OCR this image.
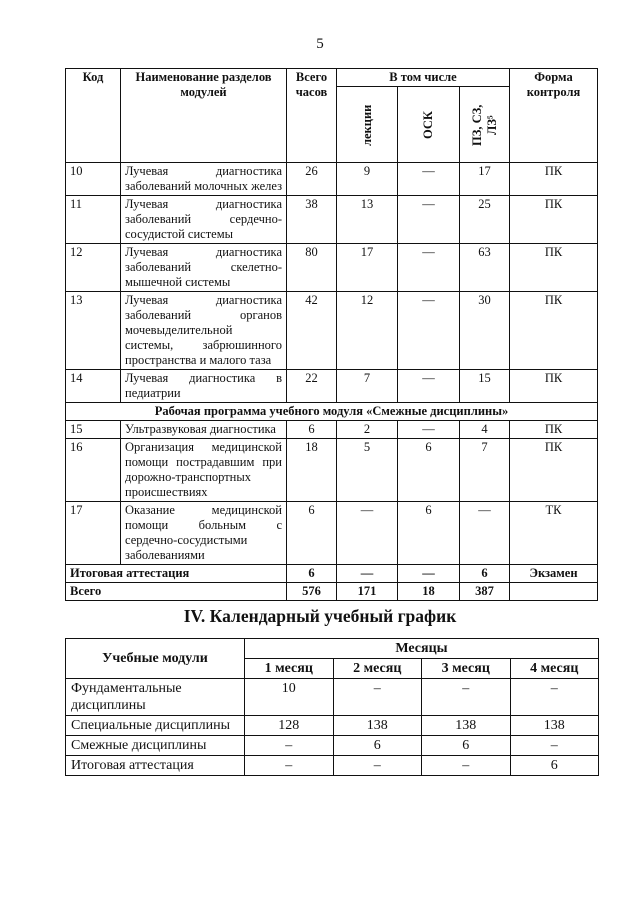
5
Код	Наименование разделов модулей	Всего часов	В том числе			Форма контроля

			лекции	ОСК	ПЗ, СЗ, ЛЗ⁵	

10	Лучевая диагностика заболеваний молочных желез	26	9	—	17	ПК
11	Лучевая диагностика заболеваний сердечно-сосудистой системы	38	13	—	25	ПК
12	Лучевая диагностика заболеваний скелетно-мышечной системы	80	17	—	63	ПК
13	Лучевая диагностика заболеваний органов мочевыделительной системы, забрюшинного пространства и малого таза	42	12	—	30	ПК
14	Лучевая диагностика в педиатрии	22	7	—	15	ПК
Рабочая программа учебного модуля «Смежные дисциплины»						
15	Ультразвуковая диагностика	6	2	—	4	ПК
16	Организация медицинской помощи пострадавшим при дорожно-транспортных происшествиях	18	5	6	7	ПК
17	Оказание медицинской помощи больным с сердечно-сосудистыми заболеваниями	6	—	6	—	ТК
Итоговая аттестация		6	—	—	6	Экзамен
Всего		576	171	18	387	
IV. Календарный учебный график
Учебные модули	Месяцы			
	1 месяц	2 месяц	3 месяц	4 месяц
Фундаментальные дисциплины	10	–	–	–
Специальные дисциплины	128	138	138	138
Смежные дисциплины	–	6	6	–
Итоговая аттестация	–	–	–	6
